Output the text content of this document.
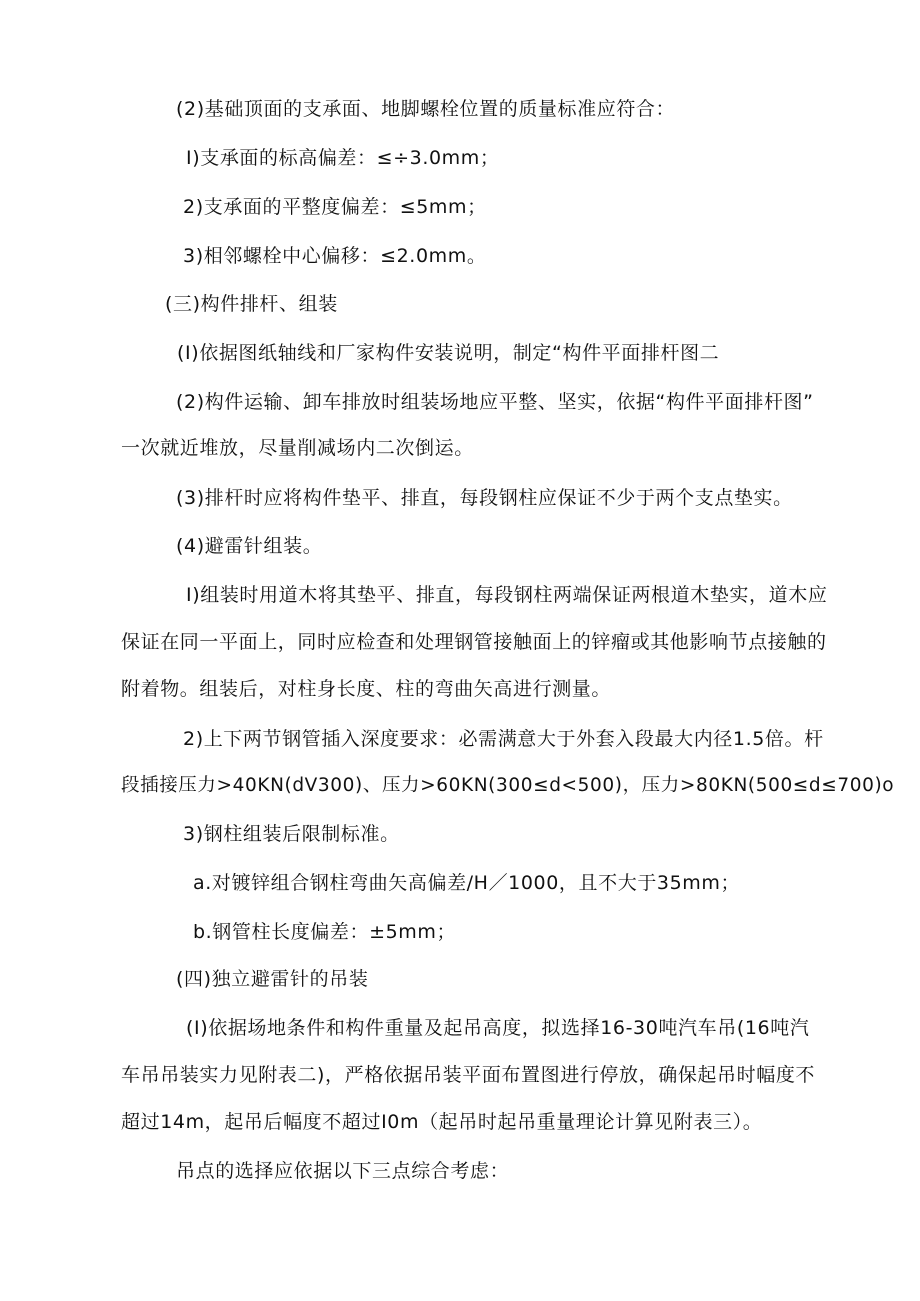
(2)基础顶面的支承面、地脚螺栓位置的质量标准应符合：
I)支承面的标高偏差：≤÷3.0mm；
2)支承面的平整度偏差：≤5mm；
3)相邻螺栓中心偏移：≤2.0mm。
(三)构件排杆、组装
(I)依据图纸轴线和厂家构件安装说明，制定“构件平面排杆图二
(2)构件运输、卸车排放时组装场地应平整、坚实，依据“构件平面排杆图”
一次就近堆放，尽量削减场内二次倒运。
(3)排杆时应将构件垫平、排直，每段钢柱应保证不少于两个支点垫实。
(4)避雷针组装。
I)组装时用道木将其垫平、排直，每段钢柱两端保证两根道木垫实，道木应
保证在同一平面上，同时应检查和处理钢管接触面上的锌瘤或其他影响节点接触的
附着物。组装后，对柱身长度、柱的弯曲矢高进行测量。
2)上下两节钢管插入深度要求：必需满意大于外套入段最大内径1.5倍。杆
段插接压力>40KN(dV300)、压力>60KN(300≤d<500)，压力>80KN(500≤d≤700)o
3)钢柱组装后限制标准。
a.对镀锌组合钢柱弯曲矢高偏差/H／1000，且不大于35mm；
b.钢管柱长度偏差：±5mm；
(四)独立避雷针的吊装
(I)依据场地条件和构件重量及起吊高度，拟选择16-30吨汽车吊(16吨汽
车吊吊装实力见附表二)，严格依据吊装平面布置图进行停放，确保起吊时幅度不
超过14m，起吊后幅度不超过I0m（起吊时起吊重量理论计算见附表三）。
吊点的选择应依据以下三点综合考虑：
